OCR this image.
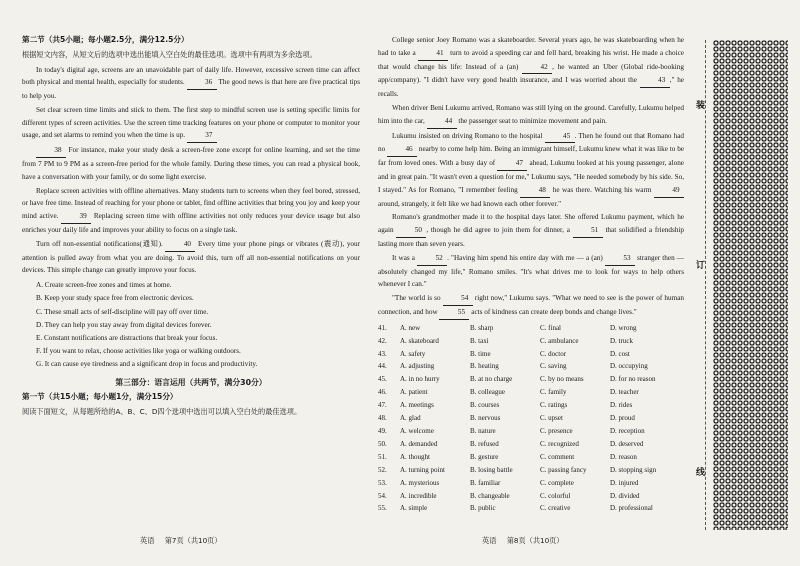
第二节（共5小题；每小题2.5分，满分12.5分）
根据短文内容，从短文后的选项中选出能填入空白处的最佳选项。选项中有两项为多余选项。

In today's digital age, screens are an unavoidable part of daily life. However, excessive screen time can affect both physical and mental health, especially for students.	36 The good news is that here are five practical tips to help you.

Set clear screen time limits and stick to them. The first step to mindful screen use is setting specific limits for different types of screen activities. Use the screen time tracking features on your phone or computer to monitor your usage, and set alarms to remind you when the time is up.	37

38 For instance, make your study desk a screen-free zone except for online learning, and set the time from 7 PM to 9 PM as a screen-free period for the whole family. During these times, you can read a physical book, have a conversation with your family, or do some light exercise.

Replace screen activities with offline alternatives. Many students turn to screens when they feel bored, stressed, or have free time. Instead of reaching for your phone or tablet, find offline activities that bring you joy and keep your mind active.	39 Replacing screen time with offline activities not only reduces your device usage but also enriches your daily life and improves your ability to focus on a single task.

Turn off non-essential notifications(通知).	40 Every time your phone pings or vibrates (震动), your attention is pulled away from what you are doing. To avoid this, turn off all non-essential notifications on your devices. This simple change can greatly improve your focus.

A. Create screen-free zones and times at home.
B. Keep your study space free from electronic devices.
C. These small acts of self-discipline will pay off over time.
D. They can help you stay away from digital devices forever.
E. Constant notifications are distractions that break your focus.
F. If you want to relax, choose activities like yoga or walking outdoors.
G. It can cause eye tiredness and a significant drop in focus and productivity.
第三部分：语言运用（共两节，满分30分）
第一节（共15小题；每小题1分，满分15分）
阅读下面短文，从每题所给的A、B、C、D四个选项中选出可以填入空白处的最佳选项。
英语 第7页（共10页）

College senior Joey Romano was a skateboarder. Several years ago, he was skateboarding when he had to take a	41 turn to avoid a speeding car and fell hard, breaking his wrist. He made a choice that would change his life: Instead of a (an)	42 , he wanted an Uber (Global ride-booking app/company). "I didn't have very good health insurance, and I was worried about the	43 ," he recalls.

When driver Beni Lukumu arrived, Romano was still lying on the ground. Carefully, Lukumu helped him into the car,	44 the passenger seat to minimize movement and pain.

Lukumu insisted on driving Romano to the hospital	45 . Then he found out that Romano had no	46 nearby to come help him. Being an immigrant himself, Lukumu knew what it was like to be far from loved ones. With a busy day of	47 ahead, Lukumu looked at his young passenger, alone and in great pain. "It wasn't even a question for me," Lukumu says, "He needed somebody by his side. So, I stayed." As for Romano, "I remember feeling	48 he was there. Watching his warm	49 around, strangely, it felt like we had known each other forever."

Romano's grandmother made it to the hospital days later. She offered Lukumu payment, which he again	50 , though he did agree to join them for dinner, a	51 that solidified a friendship lasting more than seven years.

It was a	52 . "Having him spend his entire day with me — a (an)	53 stranger then — absolutely changed my life," Romano smiles. "It's what drives me to look for ways to help others whenever I can."

"The world is so	54 right now," Lukumu says. "What we need to see is the power of human connection, and how	55 acts of kindness can create deep bonds and change lives."

41.	A. new	B. sharp	C. final	D. wrong
42.	A. skateboard	B. taxi	C. ambulance	D. truck
43.	A. safety	B. time	C. doctor	D. cost
44.	A. adjusting	B. heating	C. saving	D. occupying
45.	A. in no hurry	B. at no charge	C. by no means	D. for no reason
46.	A. patient	B. colleague	C. family	D. teacher
47.	A. meetings	B. courses	C. ratings	D. rides
48.	A. glad	B. nervous	C. upset	D. proud
49.	A. welcome	B. nature	C. presence	D. reception
50.	A. demanded	B. refused	C. recognized	D. deserved
51.	A. thought	B. gesture	C. comment	D. reason
52.	A. turning point	B. losing battle	C. passing fancy	D. stopping sign
53.	A. mysterious	B. familiar	C. complete	D. injured
54.	A. incredible	B. changeable	C. colorful	D. divided
55.	A. simple	B. public	C. creative	D. professional
英语 第8页（共10页）
装
订
线
